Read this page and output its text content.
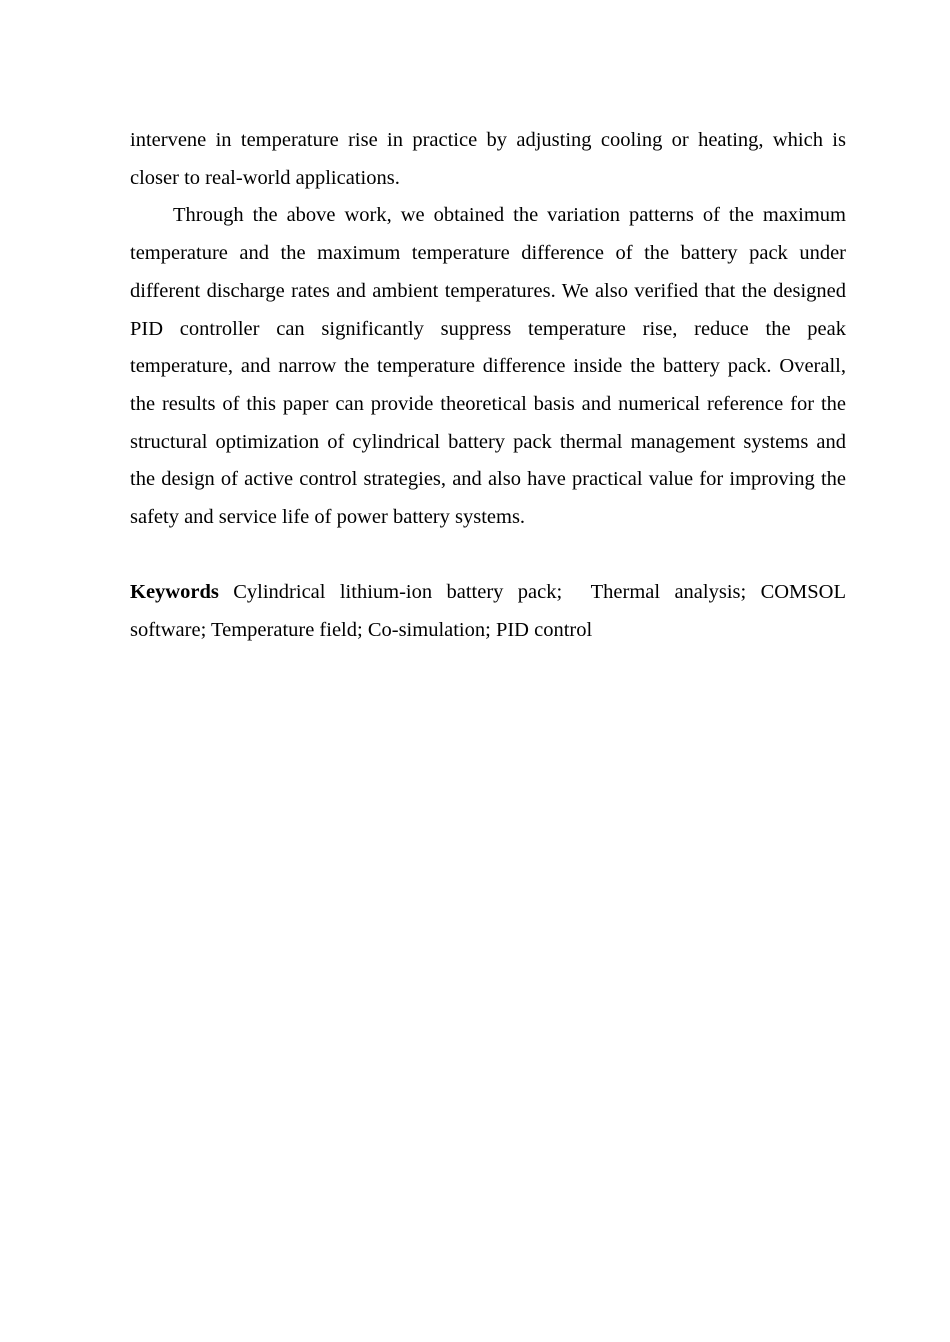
intervene in temperature rise in practice by adjusting cooling or heating, which is closer to real-world applications.

Through the above work, we obtained the variation patterns of the maximum temperature and the maximum temperature difference of the battery pack under different discharge rates and ambient temperatures. We also verified that the designed PID controller can significantly suppress temperature rise, reduce the peak temperature, and narrow the temperature difference inside the battery pack. Overall, the results of this paper can provide theoretical basis and numerical reference for the structural optimization of cylindrical battery pack thermal management systems and the design of active control strategies, and also have practical value for improving the safety and service life of power battery systems.

Keywords Cylindrical lithium-ion battery pack;  Thermal analysis; COMSOL software; Temperature field; Co-simulation; PID control
